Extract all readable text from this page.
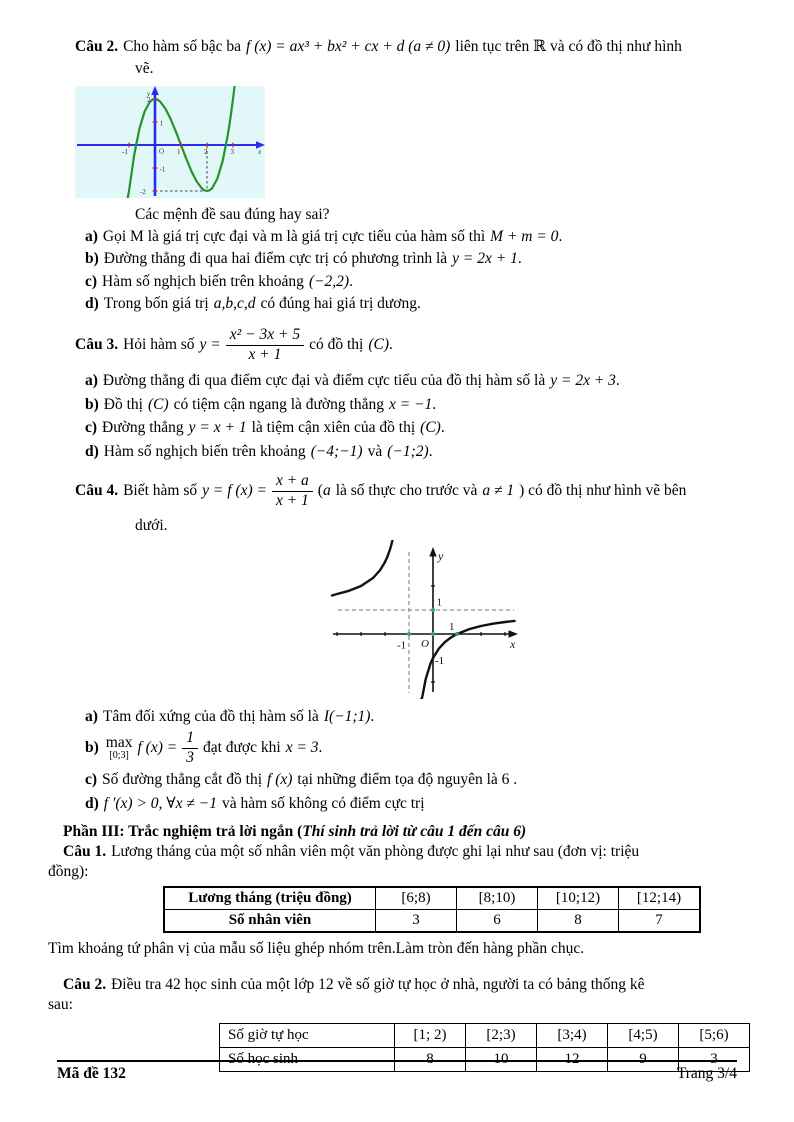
Câu 2. Cho hàm số bậc ba f (x) = ax³ + bx² + cx + d (a ≠ 0) liên tục trên ℝ và có đồ thị như hình
vẽ.
y
x
O
-1	1	2	3
2
1
-1
-2
Các mệnh đề sau đúng hay sai?
a) Gọi M là giá trị cực đại và m là giá trị cực tiểu của hàm số thì M + m = 0.
b) Đường thẳng đi qua hai điểm cực trị có phương trình là y = 2x + 1.
c) Hàm số nghịch biến trên khoảng (−2,2).
d) Trong bốn giá trị a,b,c,d có đúng hai giá trị dương.
Câu 3. Hỏi hàm số $y = \frac{\text{x² − 3x + 5}}{x + 1}$ có đồ thị (C) .
a) Đường thẳng đi qua điểm cực đại và điểm cực tiểu của đồ thị hàm số là y = 2x + 3.
b) Đồ thị (C) có tiệm cận ngang là đường thẳng x = −1.
c) Đường thẳng y = x + 1 là tiệm cận xiên của đồ thị (C).
d) Hàm số nghịch biến trên khoảng (−4;−1) và (−1;2).
Câu 4. Biết hàm số y = f $(x) = \frac{x + a}{x + 1}$ ( a là số thực cho trước và a ≠ 1 ) có đồ thị như hình vẽ bên
dưới.
y
x
O
-1
1
1
-1
a) Tâm đối xứng của đồ thị hàm số là I(−1;1).
b) max
[0;3] f $(x) = \frac{1}{3}$ đạt được khi x = 3 .
c) Số đường thẳng cắt đồ thị f (x) tại những điểm tọa độ nguyên là 6 .
d) f ′(x) > 0, ∀x ≠ −1 và hàm số không có điểm cực trị
Phần III: Trắc nghiệm trả lời ngắn (Thí sinh trả lời từ câu 1 đến câu 6)
Câu 1. Lương tháng của một số nhân viên một văn phòng được ghi lại như sau (đơn vị: triệu
đồng):
Lương tháng (triệu đồng)	[6;8)	[8;10)	[10;12)	[12;14)
Số nhân viên	3	6	8	7
Tìm khoảng tứ phân vị của mẫu số liệu ghép nhóm trên.Làm tròn đến hàng phần chục.
Câu 2. Điều tra 42 học sinh của một lớp 12 về số giờ tự học ở nhà, người ta có bảng thống kê
sau:
Số giờ tự học	[1; 2)	[2;3)	[3;4)	[4;5)	[5;6)
Số học sinh	8	10	12	9	3
Mã đề 132	Trang 3/4
